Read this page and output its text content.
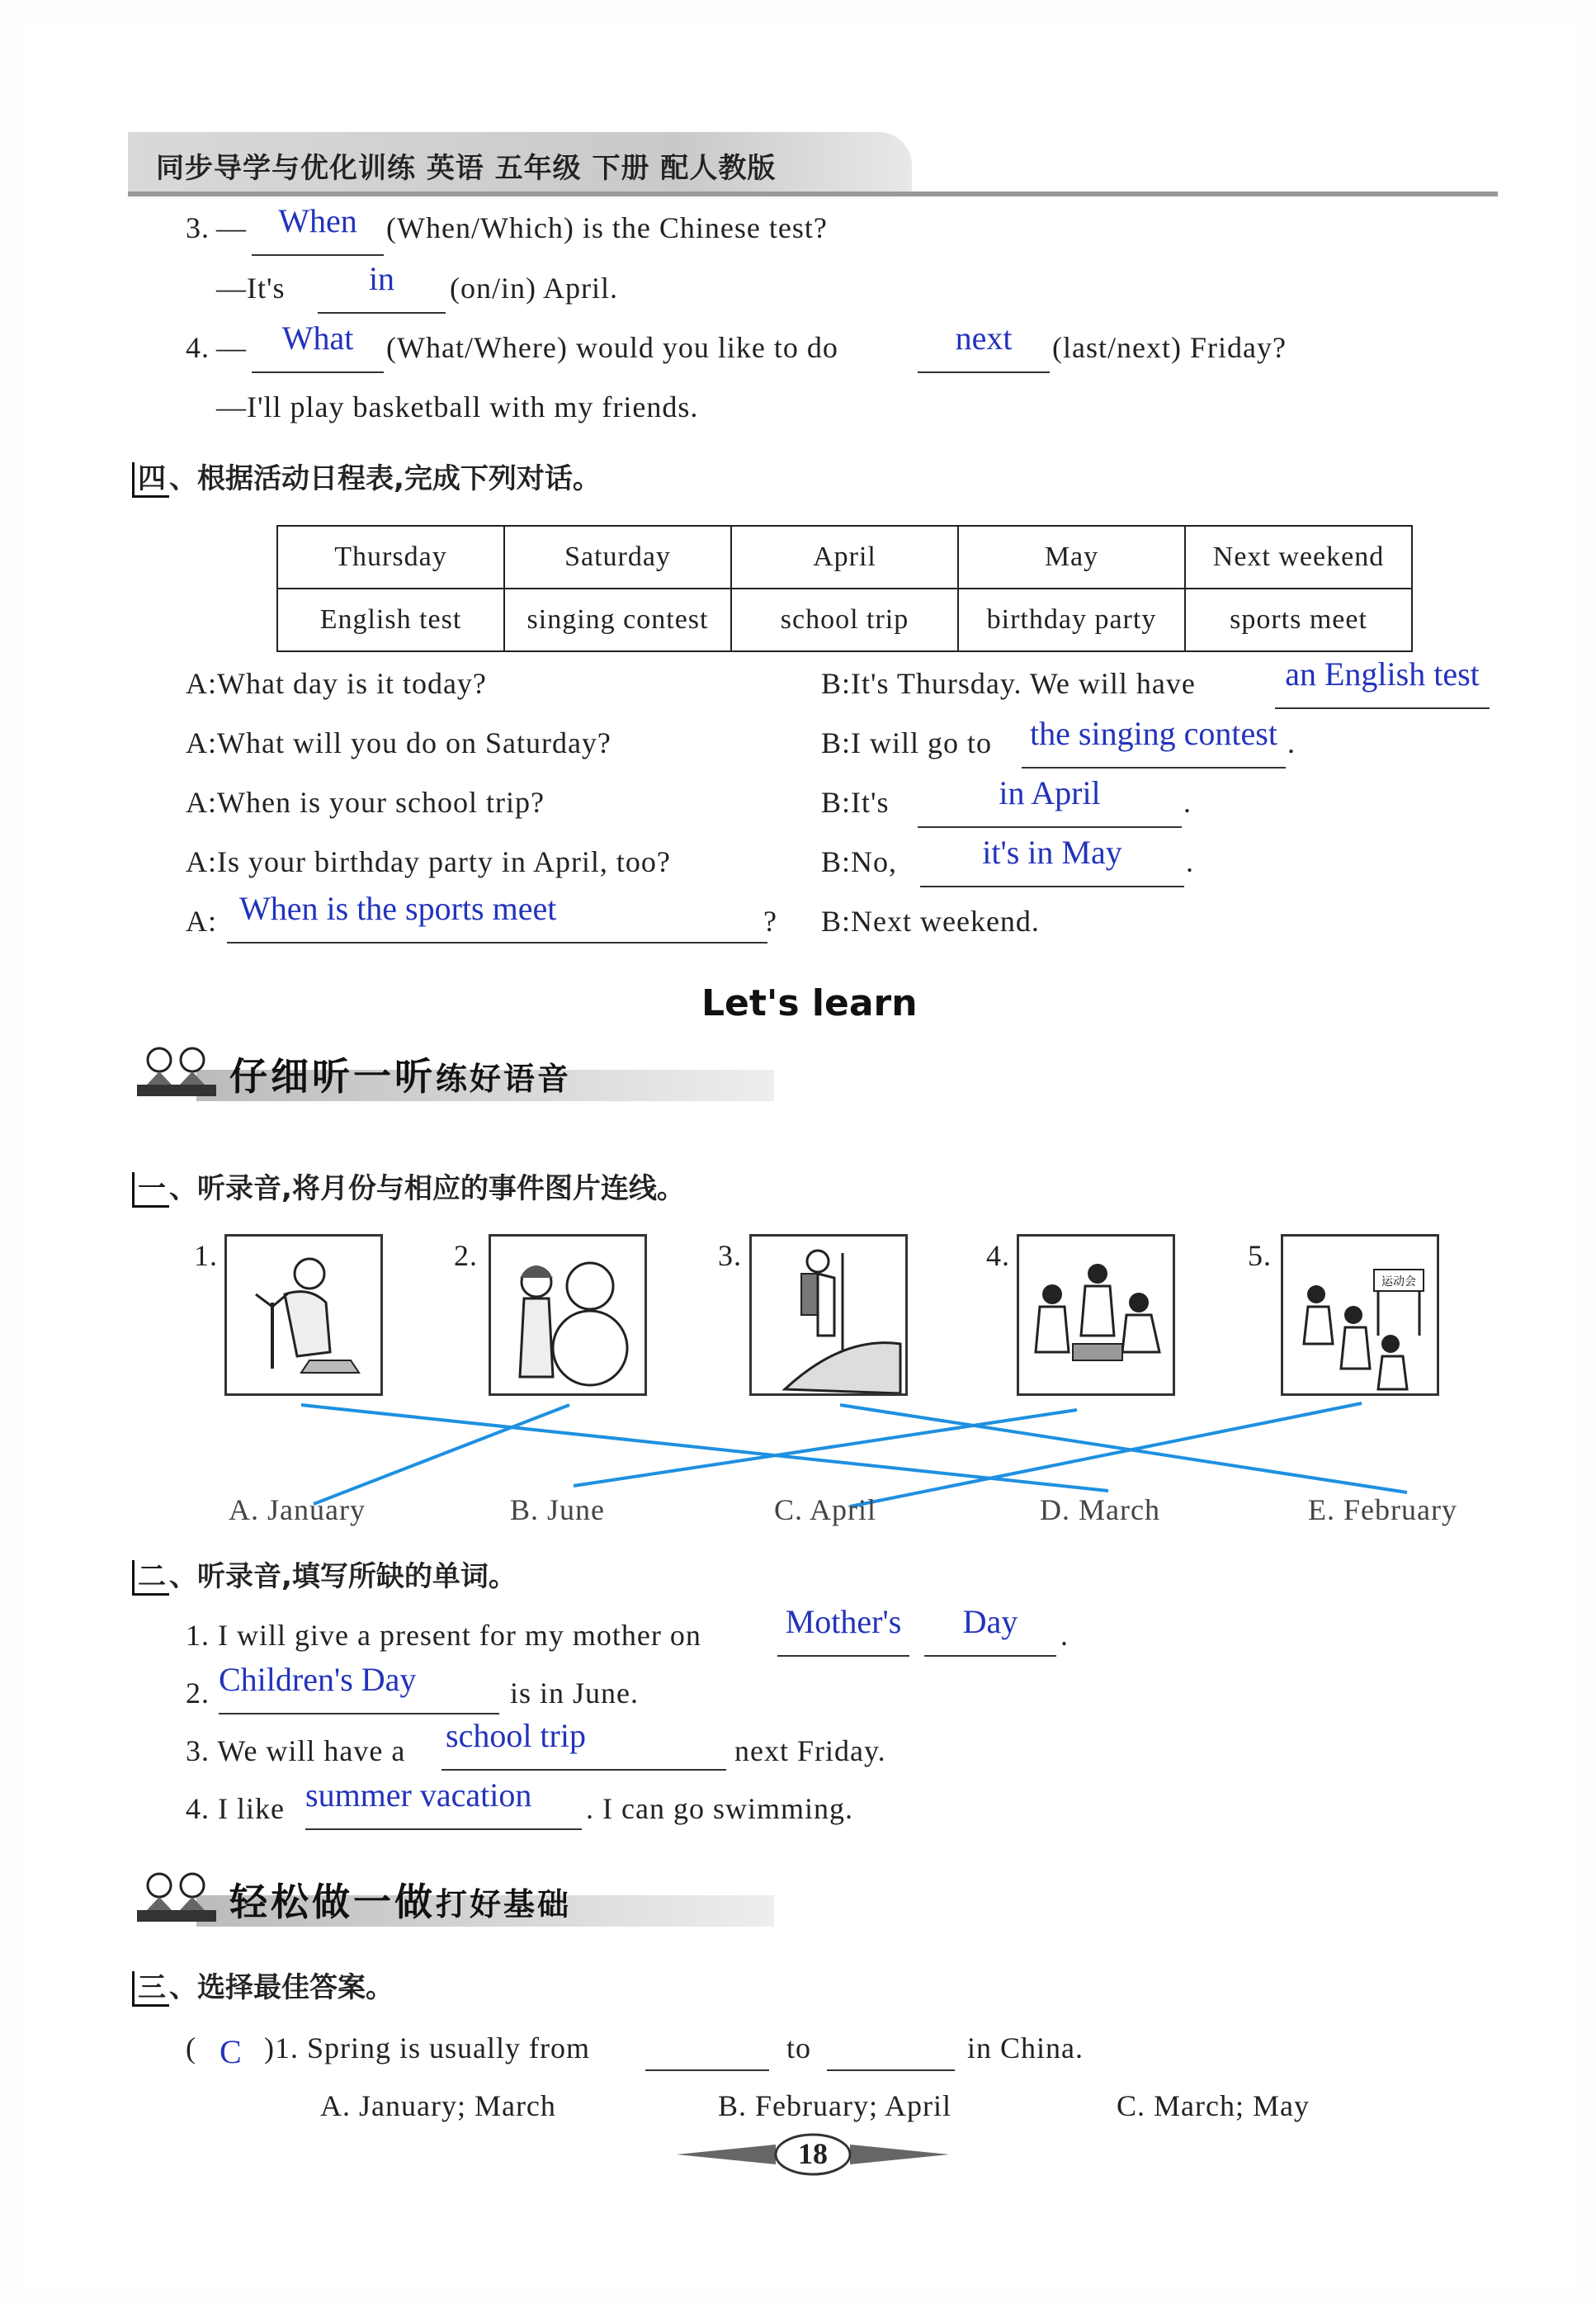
同步导学与优化训练 英语 五年级 下册 配人教版
3. — When (When/Which) is the Chinese test?
—It's	in	(on/in) April.
4. —	What	(What/Where) would you like to do	next	(last/next) Friday?
—I'll play basketball with my friends.
四 、根据活动日程表,完成下列对话。
Thursday	Saturday	April	May	Next weekend
English test	singing contest	school trip	birthday party	sports meet
A:What day is it today?	B:It's Thursday. We will have	an English test
A:What will you do on Saturday?	B:I will go to the singing contest .
A:When is your school trip?	B:It's	in April	.
A:Is your birthday party in April, too?	B:No,	it's in May	.
A: When is the sports meet	? B:Next weekend.
Let's learn
仔细听一听练好语音
一 、听录音,将月份与相应的事件图片连线。
1.	2.	3.	4.	5.
运动会
A. January	B. June	C. April	D. March	E. February
二 、听录音,填写所缺的单词。
1. I will give a present for my mother on	Mother's	Day	.
2. Children's Day	is in June.
3. We will have a school trip	next Friday.
4. I like summer vacation	. I can go swimming.
轻松做一做打好基础
三 、选择最佳答案。
( C )1. Spring is usually from	to	in China.
A. January; March	B. February; April	C. March; May
18
